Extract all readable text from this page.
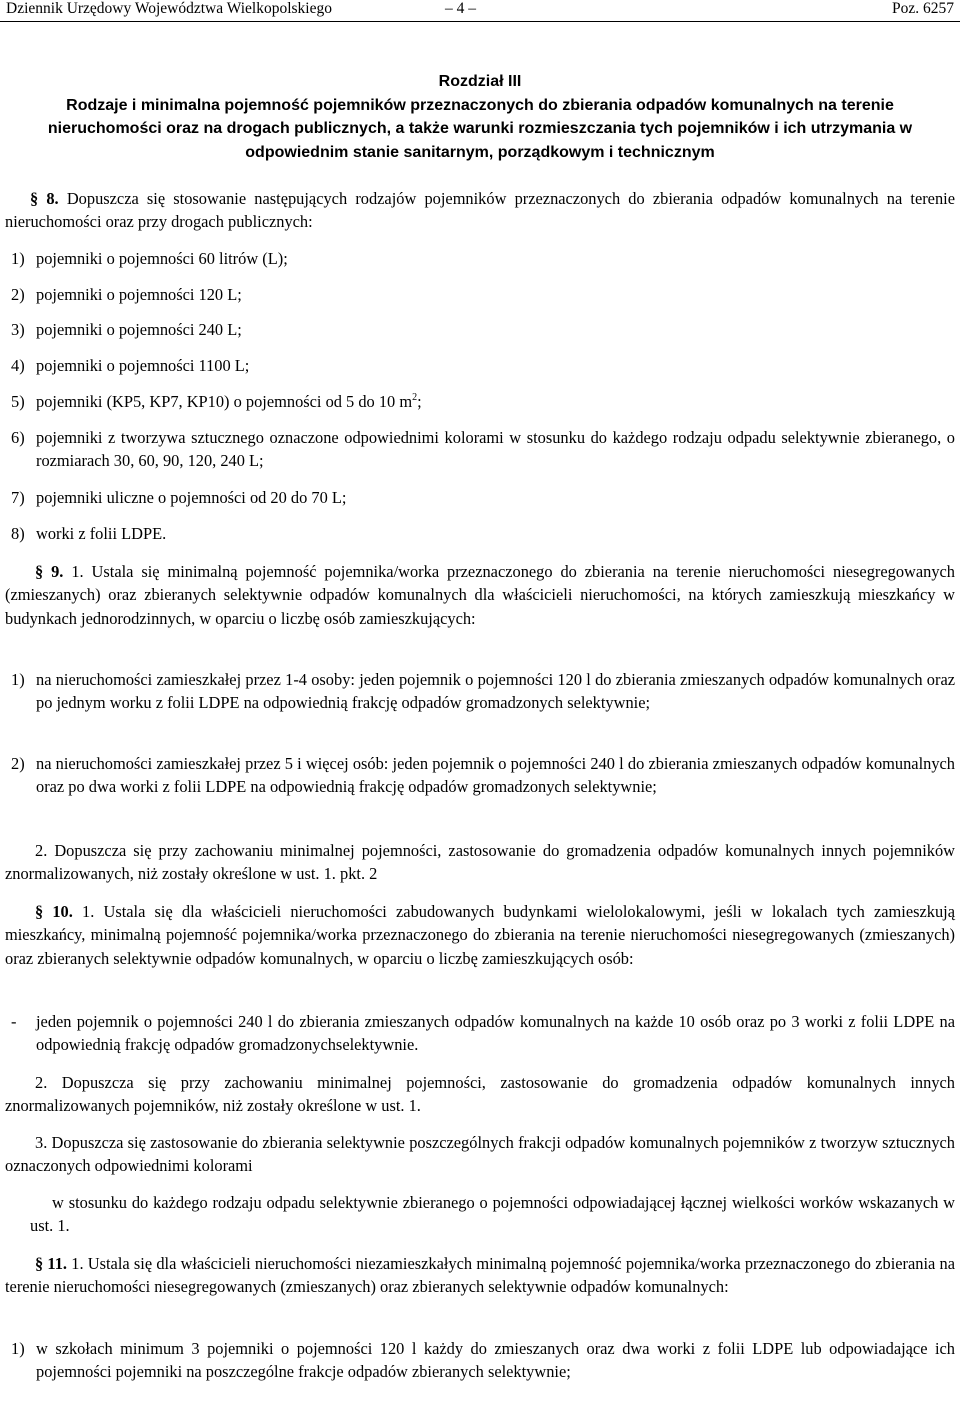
Dziennik Urzędowy Województwa Wielkopolskiego	– 4 –	Poz. 6257
Rozdział III
Rodzaje i minimalna pojemność pojemników przeznaczonych do zbierania odpadów komunalnych na terenie nieruchomości oraz na drogach publicznych, a także warunki rozmieszczania tych pojemników i ich utrzymania w odpowiednim stanie sanitarnym, porządkowym i technicznym
§ 8. Dopuszcza się stosowanie następujących rodzajów pojemników przeznaczonych do zbierania odpadów komunalnych na terenie nieruchomości oraz przy drogach publicznych:
1) pojemniki o pojemności 60 litrów (L);
2) pojemniki o pojemności 120 L;
3) pojemniki o pojemności 240 L;
4) pojemniki o pojemności 1100 L;
5) pojemniki (KP5, KP7, KP10) o pojemności od 5 do 10 $m^2$;
6) pojemniki z tworzywa sztucznego oznaczone odpowiednimi kolorami w stosunku do każdego rodzaju odpadu selektywnie zbieranego, o rozmiarach 30, 60, 90, 120, 240 L;
7) pojemniki uliczne o pojemności od 20 do 70 L;
8) worki z folii LDPE.
§ 9. 1. Ustala się minimalną pojemność pojemnika/worka przeznaczonego do zbierania na terenie nieruchomości niesegregowanych (zmieszanych) oraz zbieranych selektywnie odpadów komunalnych dla właścicieli nieruchomości, na których zamieszkują mieszkańcy w budynkach jednorodzinnych, w oparciu o liczbę osób zamieszkujących:
1) na nieruchomości zamieszkałej przez 1-4 osoby: jeden pojemnik o pojemności 120 l do zbierania zmieszanych odpadów komunalnych oraz po jednym worku z folii LDPE na odpowiednią frakcję odpadów gromadzonych selektywnie;
2) na nieruchomości zamieszkałej przez 5 i więcej osób: jeden pojemnik o pojemności 240 l do zbierania zmieszanych odpadów komunalnych oraz po dwa worki z folii LDPE na odpowiednią frakcję odpadów gromadzonych selektywnie;
2. Dopuszcza się przy zachowaniu minimalnej pojemności, zastosowanie do gromadzenia odpadów komunalnych innych pojemników znormalizowanych, niż zostały określone w ust. 1. pkt. 2
§ 10. 1. Ustala się dla właścicieli nieruchomości zabudowanych budynkami wielolokalowymi, jeśli w lokalach tych zamieszkują mieszkańcy, minimalną pojemność pojemnika/worka przeznaczonego do zbierania na terenie nieruchomości niesegregowanych (zmieszanych) oraz zbieranych selektywnie odpadów komunalnych, w oparciu o liczbę zamieszkujących osób:
-	jeden pojemnik o pojemności 240 l do zbierania zmieszanych odpadów komunalnych na każde 10 osób oraz po 3 worki z folii LDPE na odpowiednią frakcję odpadów gromadzonychselektywnie.
2. Dopuszcza się przy zachowaniu minimalnej pojemności, zastosowanie do gromadzenia odpadów komunalnych innych znormalizowanych pojemników, niż zostały określone w ust. 1.
3. Dopuszcza się zastosowanie do zbierania selektywnie poszczególnych frakcji odpadów komunalnych pojemników z tworzyw sztucznych oznaczonych odpowiednimi kolorami
w stosunku do każdego rodzaju odpadu selektywnie zbieranego o pojemności odpowiadającej łącznej wielkości worków wskazanych w ust. 1.
§ 11. 1. Ustala się dla właścicieli nieruchomości niezamieszkałych minimalną pojemność pojemnika/worka przeznaczonego do zbierania na terenie nieruchomości niesegregowanych (zmieszanych) oraz zbieranych selektywnie odpadów komunalnych:
1) w szkołach minimum 3 pojemniki o pojemności 120 l każdy do zmieszanych oraz dwa worki z folii LDPE lub odpowiadające ich pojemności pojemniki na poszczególne frakcje odpadów zbieranych selektywnie;
